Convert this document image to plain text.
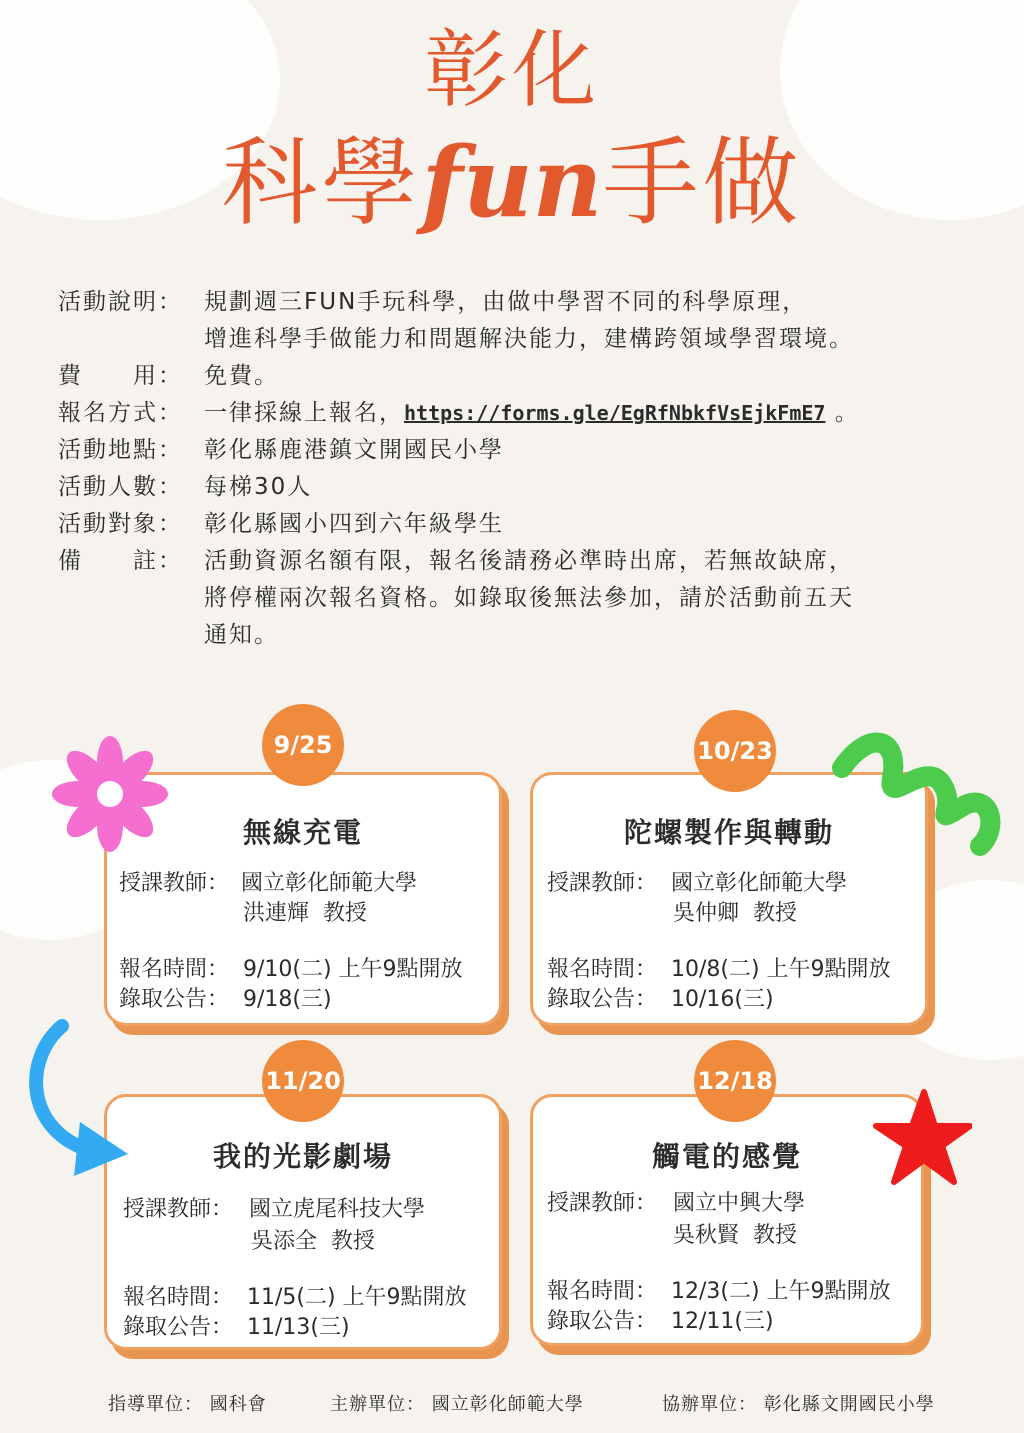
彰化
科學fun手做
活動說明： 規劃週三FUN手玩科學，由做中學習不同的科學原理，
增進科學手做能力和問題解決能力，建構跨領域學習環境。
費　　用： 免費。
報名方式： 一律採線上報名，https://forms.gle/EgRfNbkfVsEjkFmE7 。
活動地點： 彰化縣鹿港鎮文開國民小學
活動人數： 每梯30人
活動對象： 彰化縣國小四到六年級學生
備　　註： 活動資源名額有限，報名後請務必準時出席，若無故缺席，
將停權兩次報名資格。如錄取後無法參加，請於活動前五天
通知。
無線充電
授課教師： 國立彰化師範大學
洪連輝  教授
報名時間：  9/10(二) 上午9點開放
錄取公告：  9/18(三)
9/25
陀螺製作與轉動
授課教師： 國立彰化師範大學
吳仲卿  教授
報名時間：  10/8(二) 上午9點開放
錄取公告：  10/16(三)
10/23
我的光影劇場
授課教師： 國立虎尾科技大學
吳添全  教授
報名時間：  11/5(二) 上午9點開放
錄取公告：  11/13(三)
11/20
觸電的感覺
授課教師： 國立中興大學
吳秋賢  教授
報名時間：  12/3(二) 上午9點開放
錄取公告：  12/11(三)
12/18
指導單位： 國科會	主辦單位： 國立彰化師範大學	協辦單位： 彰化縣文開國民小學
